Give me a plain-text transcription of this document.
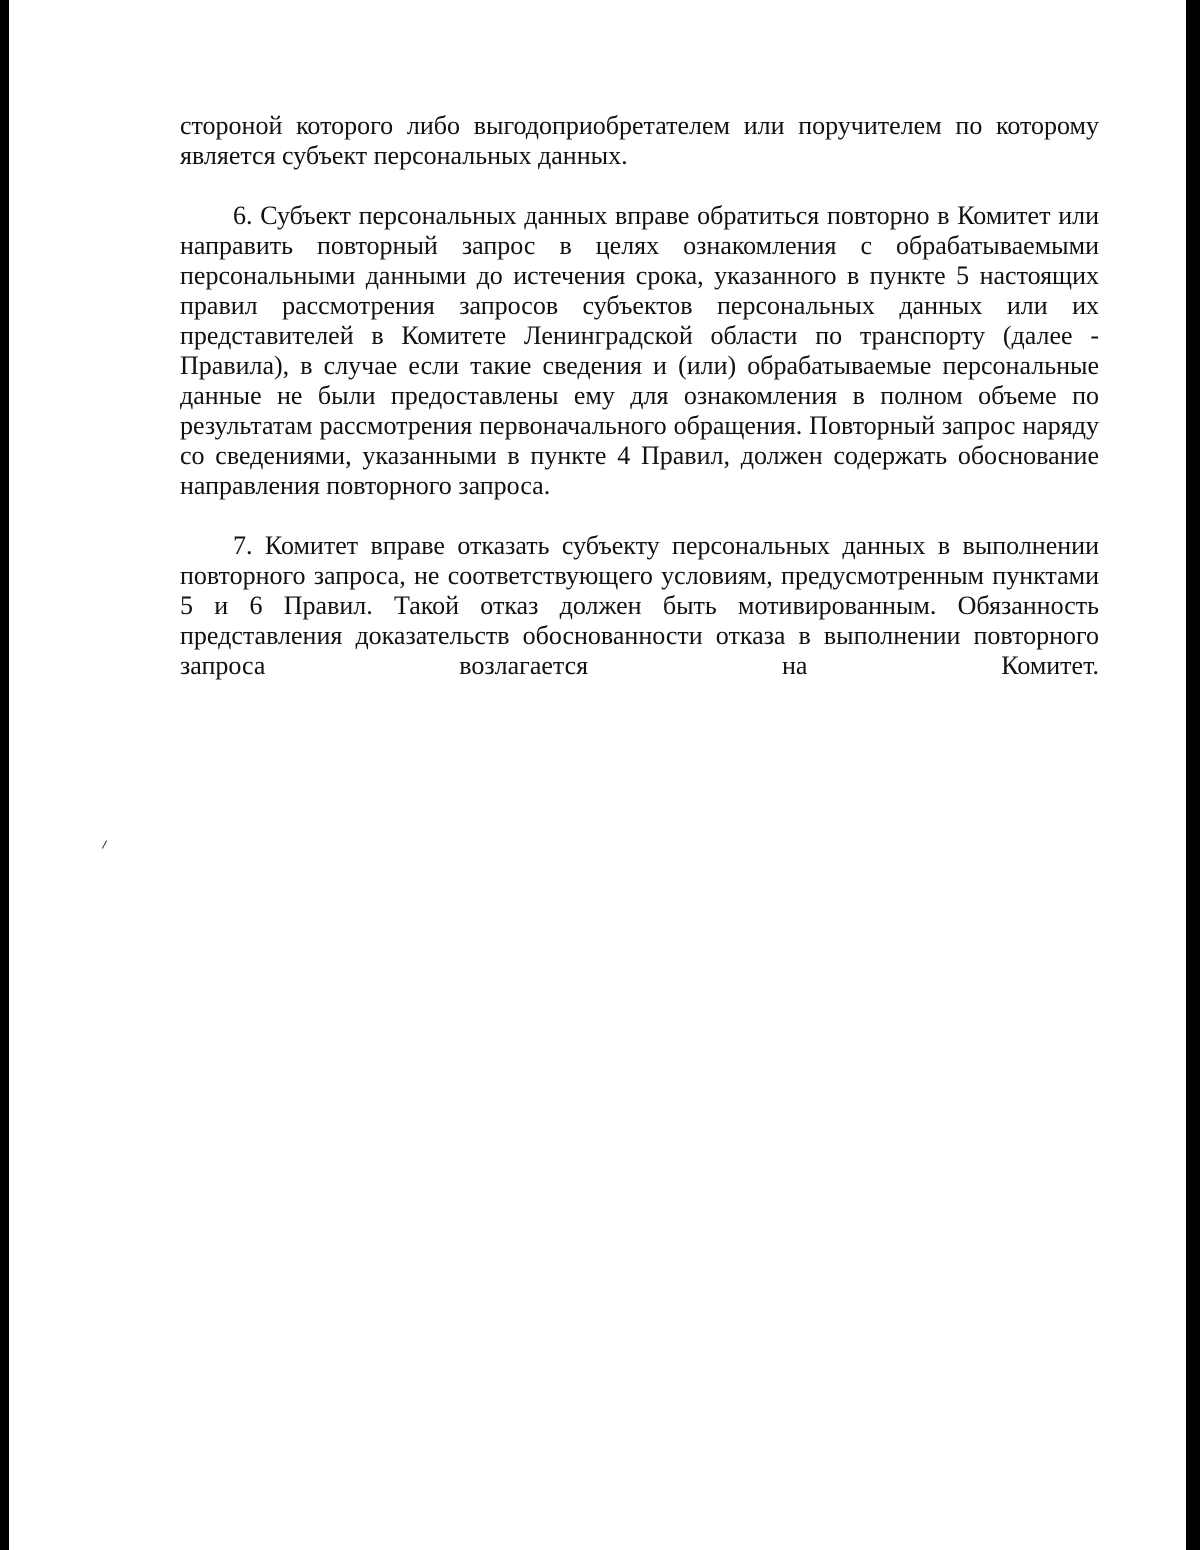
стороной которого либо выгодоприобретателем или поручителем по которому является субъект персональных данных.

6. Субъект персональных данных вправе обратиться повторно в Комитет или направить повторный запрос в целях ознакомления с обрабатываемыми персональными данными до истечения срока, указанного в пункте 5 настоящих правил рассмотрения запросов субъектов персональных данных или их представителей в Комитете Ленинградской области по транспорту (далее - Правила), в случае если такие сведения и (или) обрабатываемые персональные данные не были предоставлены ему для ознакомления в полном объеме по результатам рассмотрения первоначального обращения. Повторный запрос наряду со сведениями, указанными в пункте 4 Правил, должен содержать обоснование направления повторного запроса.

7. Комитет вправе отказать субъекту персональных данных в выполнении повторного запроса, не соответствующего условиям, предусмотренным пунктами 5 и 6 Правил. Такой отказ должен быть мотивированным. Обязанность представления доказательств обоснованности отказа в выполнении повторного запроса возлагается на Комитет.
